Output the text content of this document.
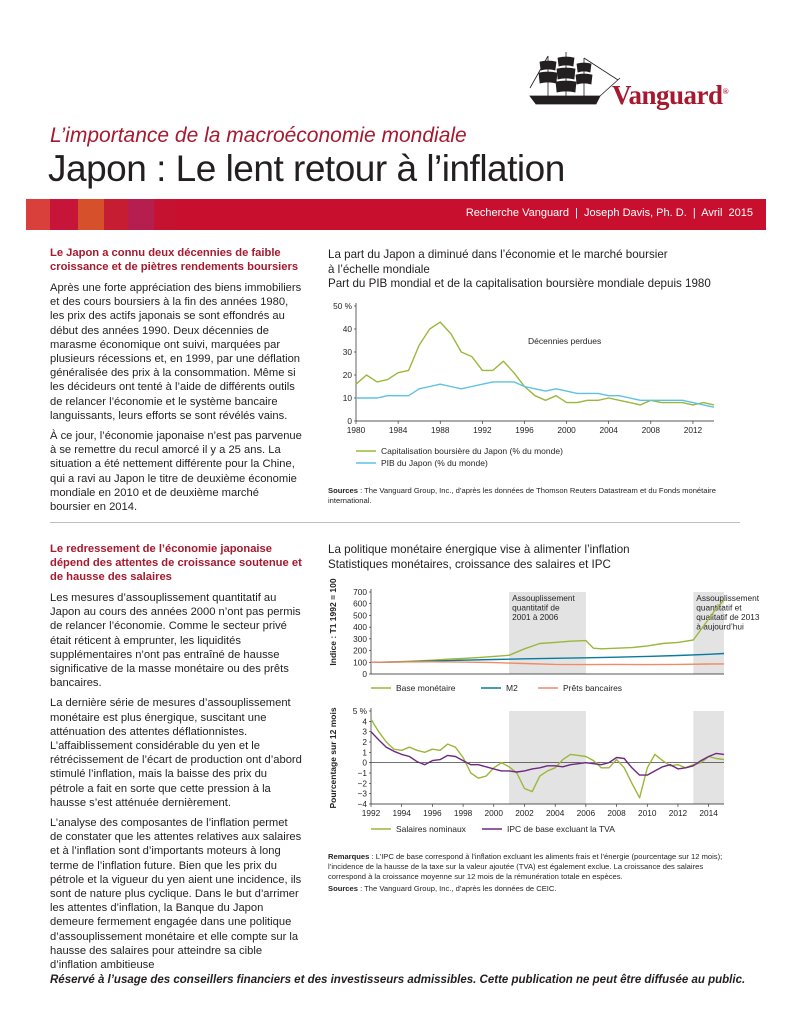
Vanguard®
L’importance de la macroéconomie mondiale
Japon : Le lent retour à l’inflation
Recherche Vanguard  |  Joseph Davis, Ph. D.  |  Avril  2015
Le Japon a connu deux décennies de faible croissance et de piètres rendements boursiers

Après une forte appréciation des biens immobiliers et des cours boursiers à la fin des années 1980, les prix des actifs japonais se sont effondrés au début des années 1990. Deux décennies de marasme économique ont suivi, marquées par plusieurs récessions et, en 1999, par une déflation généralisée des prix à la consommation. Même si les décideurs ont tenté à l’aide de différents outils de relancer l’économie et le système bancaire languissants, leurs efforts se sont révélés vains.

À ce jour, l’économie japonaise n’est pas parvenue à se remettre du recul amorcé il y a 25 ans. La situation a été nettement différente pour la Chine, qui a ravi au Japon le titre de deuxième économie mondiale en 2010 et de deuxième marché boursier en 2014.

La part du Japon a diminué dans l’économie et le marché boursier
à l’échelle mondiale
Part du PIB mondial et de la capitalisation boursière mondiale depuis 1980
0
10
20
30
40
50 %
1980	1984	1988	1992	1996	2000	2004	2008	2012
Décennies perdues
Capitalisation boursière du Japon (% du monde)
PIB du Japon (% du monde)
Sources : The Vanguard Group, Inc., d’après les données de Thomson Reuters Datastream et du Fonds monétaire international.
Le redressement de l’économie japonaise dépend des attentes de croissance soutenue et de hausse des salaires

Les mesures d’assouplissement quantitatif au Japon au cours des années 2000 n’ont pas permis de relancer l’économie. Comme le secteur privé était réticent à emprunter, les liquidités supplémentaires n’ont pas entraîné de hausse significative de la masse monétaire ou des prêts bancaires.

La dernière série de mesures d’assouplissement monétaire est plus énergique, suscitant une atténuation des attentes déflationnistes. L’affaiblissement considérable du yen et le rétrécissement de l’écart de production ont d’abord stimulé l’inflation, mais la baisse des prix du pétrole a fait en sorte que cette pression à la hausse s’est atténuée dernièrement.

L’analyse des composantes de l’inflation permet de constater que les attentes relatives aux salaires et à l’inflation sont d’importants moteurs à long terme de l’inflation future. Bien que les prix du pétrole et la vigueur du yen aient une incidence, ils sont de nature plus cyclique. Dans le but d’arrimer les attentes d’inflation, la Banque du Japon demeure fermement engagée dans une politique d’assouplissement monétaire et elle compte sur la hausse des salaires pour atteindre sa cible d’inflation ambitieuse

La politique monétaire énergique vise à alimenter l’inflation
Statistiques monétaires, croissance des salaires et IPC
Assouplissement
quantitatif de
2001 à 2006
Assouplissement
quantitatif et
qualitatif de 2013
à aujourd’hui
0
100
200
300
400
500
600
700
Indice : T1 1992 = 100
Base monétaire	M2	Prêts bancaires
−4
−3
−2
−1
0
1
2
3
4
5 %
1992 1994 1996 1998 2000 2002 2004 2006 2008 2010 2012 2014
Pourcentage sur 12 mois
Salaires nominaux	IPC de base excluant la TVA
Remarques : L’IPC de base correspond à l’inflation excluant les aliments frais et l’énergie (pourcentage sur 12 mois); l’incidence de la hausse de la taxe sur la valeur ajoutée (TVA) est également exclue. La croissance des salaires correspond à la croissance moyenne sur 12 mois de la rémunération totale en espèces.
Sources : The Vanguard Group, Inc., d’après les données de CEIC.
Réservé à l’usage des conseillers financiers et des investisseurs admissibles. Cette publication ne peut être diffusée au public.
